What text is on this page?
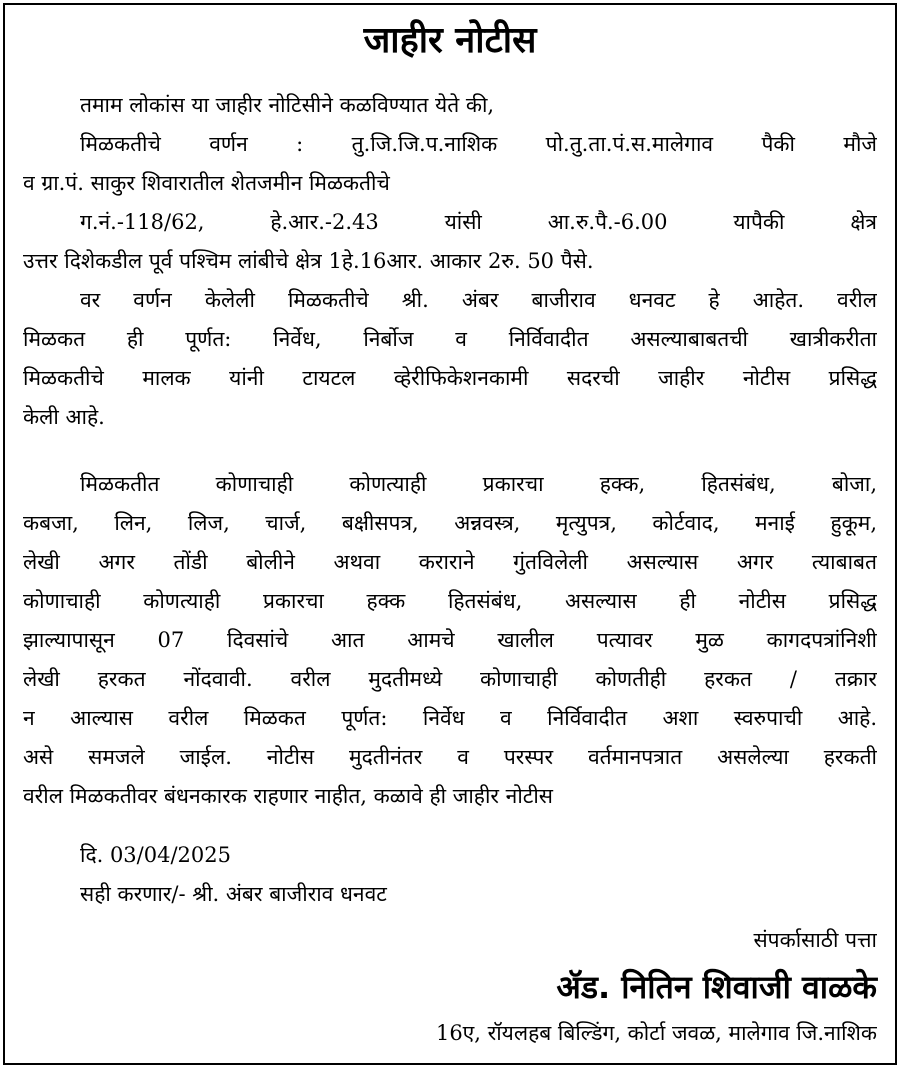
जाहीर नोटीस
तमाम लोकांस या जाहीर नोटिसीने कळविण्यात येते की,
मिळकतीचे वर्णन : तु.जि.जि.प.नाशिक पो.तु.ता.पं.स.मालेगाव पैकी मौजे
व ग्रा.पं. साकुर शिवारातील शेतजमीन मिळकतीचे
ग.नं.-118/62, हे.आर.-2.43 यांसी आ.रु.पै.-6.00 यापैकी क्षेत्र
उत्तर दिशेकडील पूर्व पश्चिम लांबीचे क्षेत्र 1हे.16आर. आकार 2रु. 50 पैसे.
वर वर्णन केलेली मिळकतीचे श्री. अंबर बाजीराव धनवट हे आहेत. वरील
मिळकत ही पूर्णत: निर्वेध, निर्बोज व निर्विवादीत असल्याबाबतची खात्रीकरीता
मिळकतीचे मालक यांनी टायटल व्हेरीफिकेशनकामी सदरची जाहीर नोटीस प्रसिद्ध
केली आहे.
मिळकतीत कोणाचाही कोणत्याही प्रकारचा हक्क, हितसंबंध, बोजा,
कबजा, लिन, लिज, चार्ज, बक्षीसपत्र, अन्नवस्त्र, मृत्युपत्र, कोर्टवाद, मनाई हुकूम,
लेखी अगर तोंडी बोलीने अथवा कराराने गुंतविलेली असल्यास अगर त्याबाबत
कोणाचाही कोणत्याही प्रकारचा हक्क हितसंबंध, असल्यास ही नोटीस प्रसिद्ध
झाल्यापासून 07 दिवसांचे आत आमचे खालील पत्यावर मुळ कागदपत्रांनिशी
लेखी हरकत नोंदवावी. वरील मुदतीमध्ये कोणाचाही कोणतीही हरकत / तक्रार
न आल्यास वरील मिळकत पूर्णत: निर्वेध व निर्विवादीत अशा स्वरुपाची आहे.
असे समजले जाईल. नोटीस मुदतीनंतर व परस्पर वर्तमानपत्रात असलेल्या हरकती
वरील मिळकतीवर बंधनकारक राहणार नाहीत, कळावे ही जाहीर नोटीस
दि. 03/04/2025
सही करणार/- श्री. अंबर बाजीराव धनवट
संपर्कासाठी पत्ता
ॲड. नितिन शिवाजी वाळके
16ए, रॉयलहब बिल्डिंग, कोर्टा जवळ, मालेगाव जि.नाशिक
